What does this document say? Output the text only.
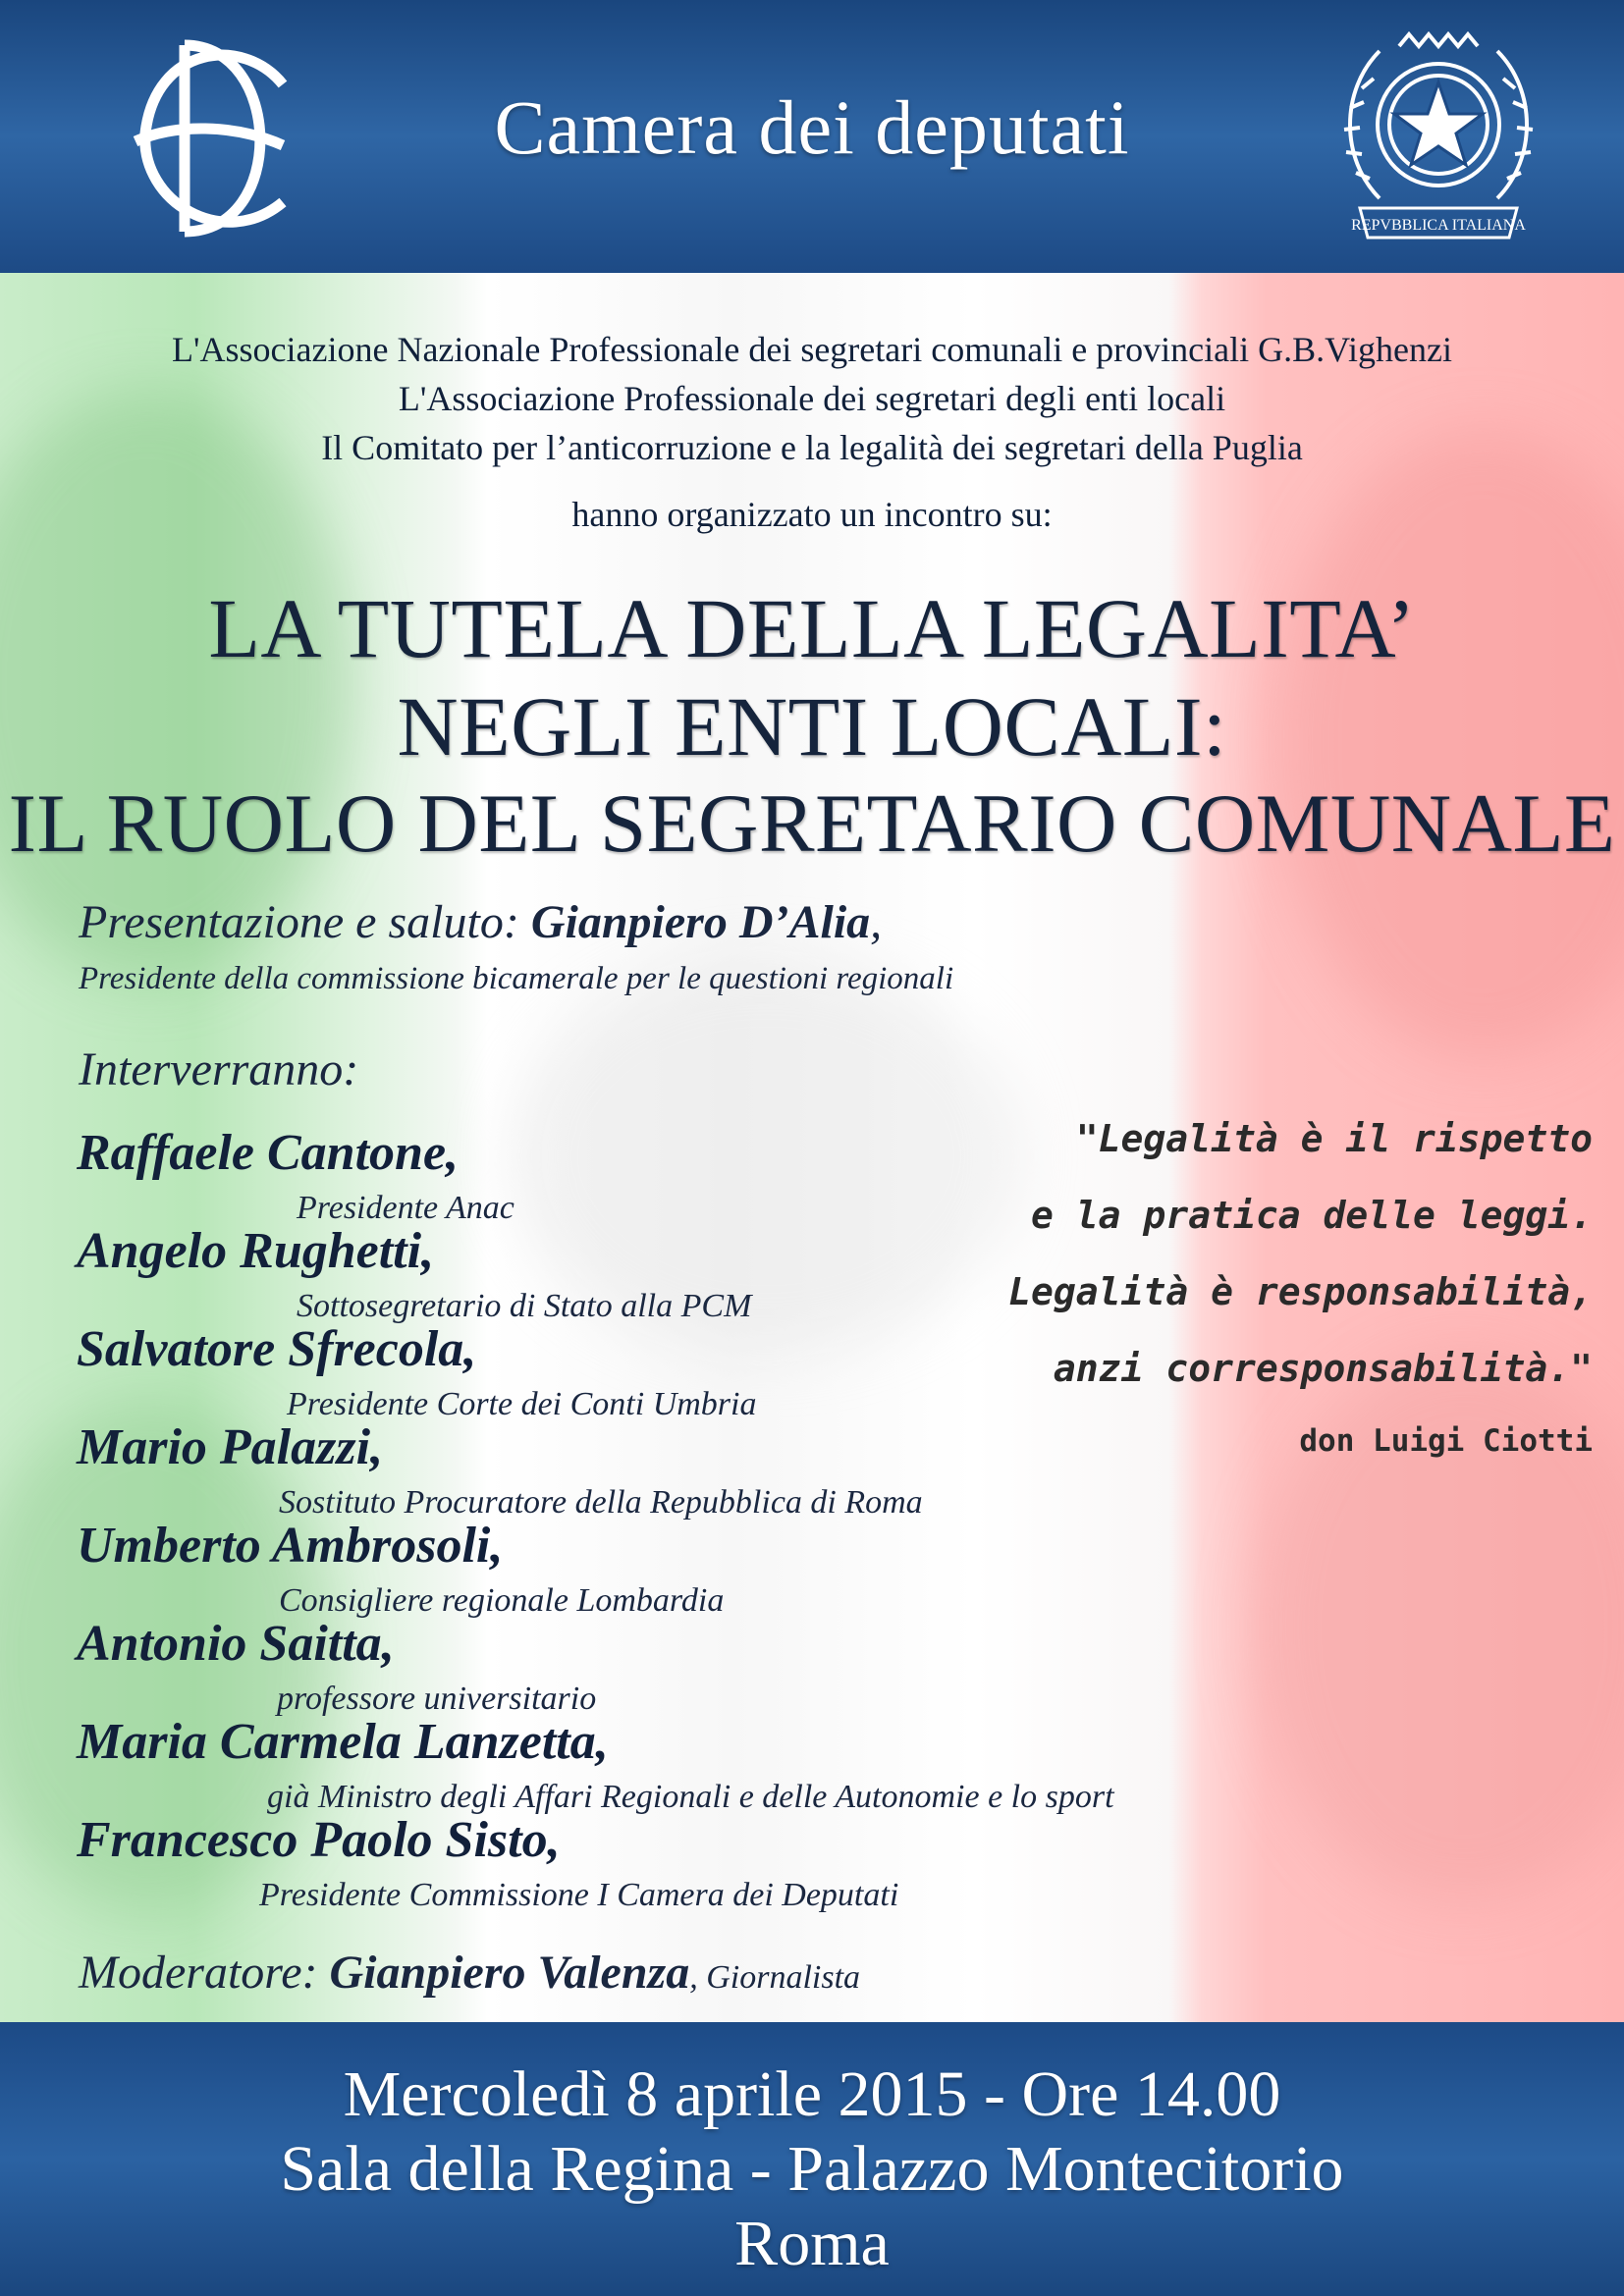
Camera dei deputati
REPVBBLICA ITALIANA
L'Associazione Nazionale Professionale dei segretari comunali e provinciali G.B.Vighenzi
L'Associazione Professionale dei segretari degli enti locali
Il Comitato per l’anticorruzione e la legalità dei segretari della Puglia
hanno organizzato un incontro su:
LA TUTELA DELLA LEGALITA’
NEGLI ENTI LOCALI:
IL RUOLO DEL SEGRETARIO COMUNALE
Presentazione e saluto: Gianpiero D’Alia,
Presidente della commissione bicamerale per le questioni regionali
Interverranno:
Raffaele Cantone,
Presidente Anac
Angelo Rughetti,
Sottosegretario di Stato alla PCM
Salvatore Sfrecola,
Presidente Corte dei Conti Umbria
Mario Palazzi,
Sostituto Procuratore della Repubblica di Roma
Umberto Ambrosoli,
Consigliere regionale Lombardia
Antonio Saitta,
professore universitario
Maria Carmela Lanzetta,
già Ministro degli Affari Regionali e delle Autonomie e lo sport
Francesco Paolo Sisto,
Presidente Commissione I Camera dei Deputati
Moderatore: Gianpiero Valenza, Giornalista
"Legalità è il rispetto
e la pratica delle leggi.
Legalità è responsabilità,
anzi corresponsabilità."
don Luigi Ciotti
Mercoledì 8 aprile 2015 - Ore 14.00
Sala della Regina - Palazzo Montecitorio
Roma
